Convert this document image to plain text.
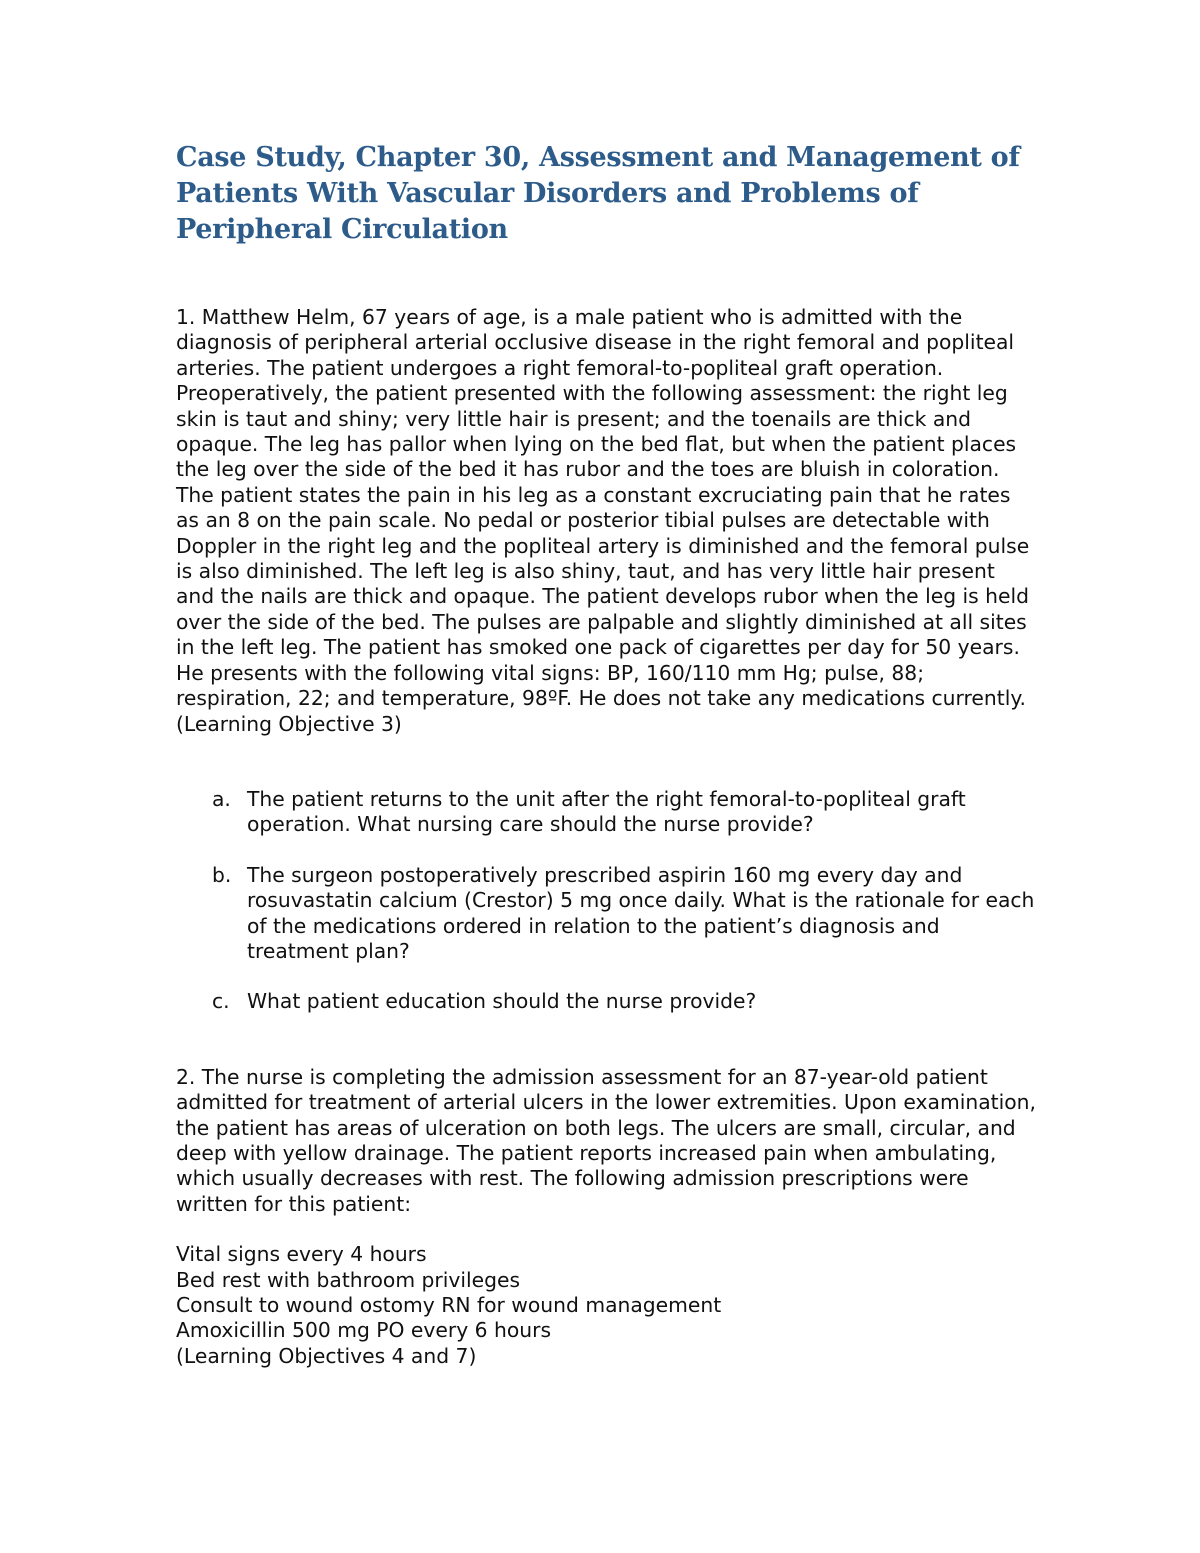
Case Study, Chapter 30, Assessment and Management of Patients With Vascular Disorders and Problems of Peripheral Circulation

1. Matthew Helm, 67 years of age, is a male patient who is admitted with the diagnosis of peripheral arterial occlusive disease in the right femoral and popliteal arteries. The patient undergoes a right femoral-to-popliteal graft operation. Preoperatively, the patient presented with the following assessment: the right leg skin is taut and shiny; very little hair is present; and the toenails are thick and opaque. The leg has pallor when lying on the bed flat, but when the patient places the leg over the side of the bed it has rubor and the toes are bluish in coloration. The patient states the pain in his leg as a constant excruciating pain that he rates as an 8 on the pain scale. No pedal or posterior tibial pulses are detectable with Doppler in the right leg and the popliteal artery is diminished and the femoral pulse is also diminished. The left leg is also shiny, taut, and has very little hair present and the nails are thick and opaque. The patient develops rubor when the leg is held over the side of the bed. The pulses are palpable and slightly diminished at all sites in the left leg. The patient has smoked one pack of cigarettes per day for 50 years. He presents with the following vital signs: BP, 160/110 mm Hg; pulse, 88; respiration, 22; and temperature, 98ºF. He does not take any medications currently. (Learning Objective 3)

a. The patient returns to the unit after the right femoral-to-popliteal graft operation. What nursing care should the nurse provide?
b. The surgeon postoperatively prescribed aspirin 160 mg every day and rosuvastatin calcium (Crestor) 5 mg once daily. What is the rationale for each of the medications ordered in relation to the patient’s diagnosis and treatment plan?
c. What patient education should the nurse provide?

2. The nurse is completing the admission assessment for an 87-year-old patient admitted for treatment of arterial ulcers in the lower extremities. Upon examination, the patient has areas of ulceration on both legs. The ulcers are small, circular, and deep with yellow drainage. The patient reports increased pain when ambulating, which usually decreases with rest. The following admission prescriptions were written for this patient:

Vital signs every 4 hours
Bed rest with bathroom privileges
Consult to wound ostomy RN for wound management
Amoxicillin 500 mg PO every 6 hours
(Learning Objectives 4 and 7)
